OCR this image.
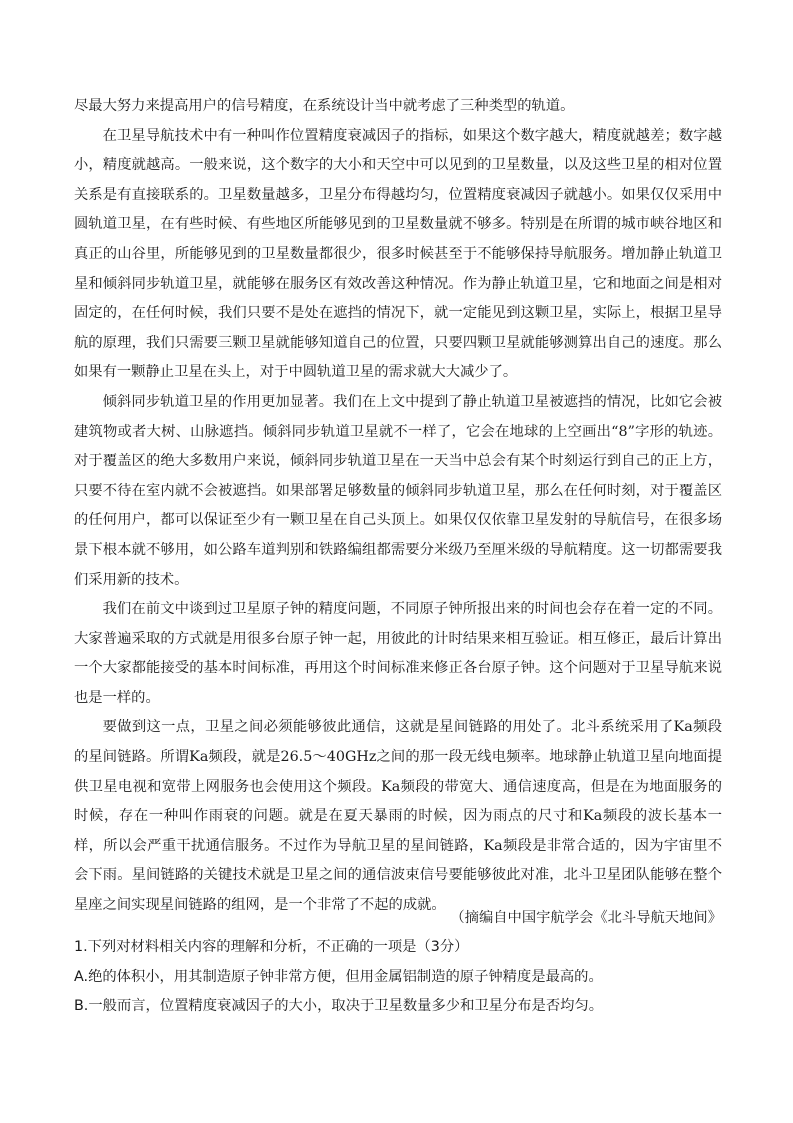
尽最大努力来提高用户的信号精度，在系统设计当中就考虑了三种类型的轨道。

在卫星导航技术中有一种叫作位置精度衰减因子的指标，如果这个数字越大，精度就越差；数字越小，精度就越高。一般来说，这个数字的大小和天空中可以见到的卫星数量，以及这些卫星的相对位置关系是有直接联系的。卫星数量越多，卫星分布得越均匀，位置精度衰减因子就越小。如果仅仅采用中圆轨道卫星，在有些时候、有些地区所能够见到的卫星数量就不够多。特别是在所谓的城市峡谷地区和真正的山谷里，所能够见到的卫星数量都很少，很多时候甚至于不能够保持导航服务。增加静止轨道卫星和倾斜同步轨道卫星，就能够在服务区有效改善这种情况。作为静止轨道卫星，它和地面之间是相对固定的，在任何时候，我们只要不是处在遮挡的情况下，就一定能见到这颗卫星，实际上，根据卫星导航的原理，我们只需要三颗卫星就能够知道自己的位置，只要四颗卫星就能够测算出自己的速度。那么如果有一颗静止卫星在头上，对于中圆轨道卫星的需求就大大减少了。

倾斜同步轨道卫星的作用更加显著。我们在上文中提到了静止轨道卫星被遮挡的情况，比如它会被建筑物或者大树、山脉遮挡。倾斜同步轨道卫星就不一样了，它会在地球的上空画出“8”字形的轨迹。对于覆盖区的绝大多数用户来说，倾斜同步轨道卫星在一天当中总会有某个时刻运行到自己的正上方，只要不待在室内就不会被遮挡。如果部署足够数量的倾斜同步轨道卫星，那么在任何时刻，对于覆盖区的任何用户，都可以保证至少有一颗卫星在自己头顶上。如果仅仅依靠卫星发射的导航信号，在很多场景下根本就不够用，如公路车道判别和铁路编组都需要分米级乃至厘米级的导航精度。这一切都需要我们采用新的技术。

我们在前文中谈到过卫星原子钟的精度问题，不同原子钟所报出来的时间也会存在着一定的不同。大家普遍采取的方式就是用很多台原子钟一起，用彼此的计时结果来相互验证。相互修正，最后计算出一个大家都能接受的基本时间标准，再用这个时间标准来修正各台原子钟。这个问题对于卫星导航来说也是一样的。

要做到这一点，卫星之间必须能够彼此通信，这就是星间链路的用处了。北斗系统采用了Ka频段的星间链路。所谓Ka频段，就是26.5～40GHz之间的那一段无线电频率。地球静止轨道卫星向地面提供卫星电视和宽带上网服务也会使用这个频段。Ka频段的带宽大、通信速度高，但是在为地面服务的时候，存在一种叫作雨衰的问题。就是在夏天暴雨的时候，因为雨点的尺寸和Ka频段的波长基本一样，所以会严重干扰通信服务。不过作为导航卫星的星间链路，Ka频段是非常合适的，因为宇宙里不会下雨。星间链路的关键技术就是卫星之间的通信波束信号要能够彼此对准，北斗卫星团队能够在整个星座之间实现星间链路的组网，是一个非常了不起的成就。

（摘编自中国宇航学会《北斗导航天地间》

1.下列对材料相关内容的理解和分析，不正确的一项是（3分）

A.绝的体积小，用其制造原子钟非常方便，但用金属铝制造的原子钟精度是最高的。

B.一般而言，位置精度衰减因子的大小，取决于卫星数量多少和卫星分布是否均匀。
